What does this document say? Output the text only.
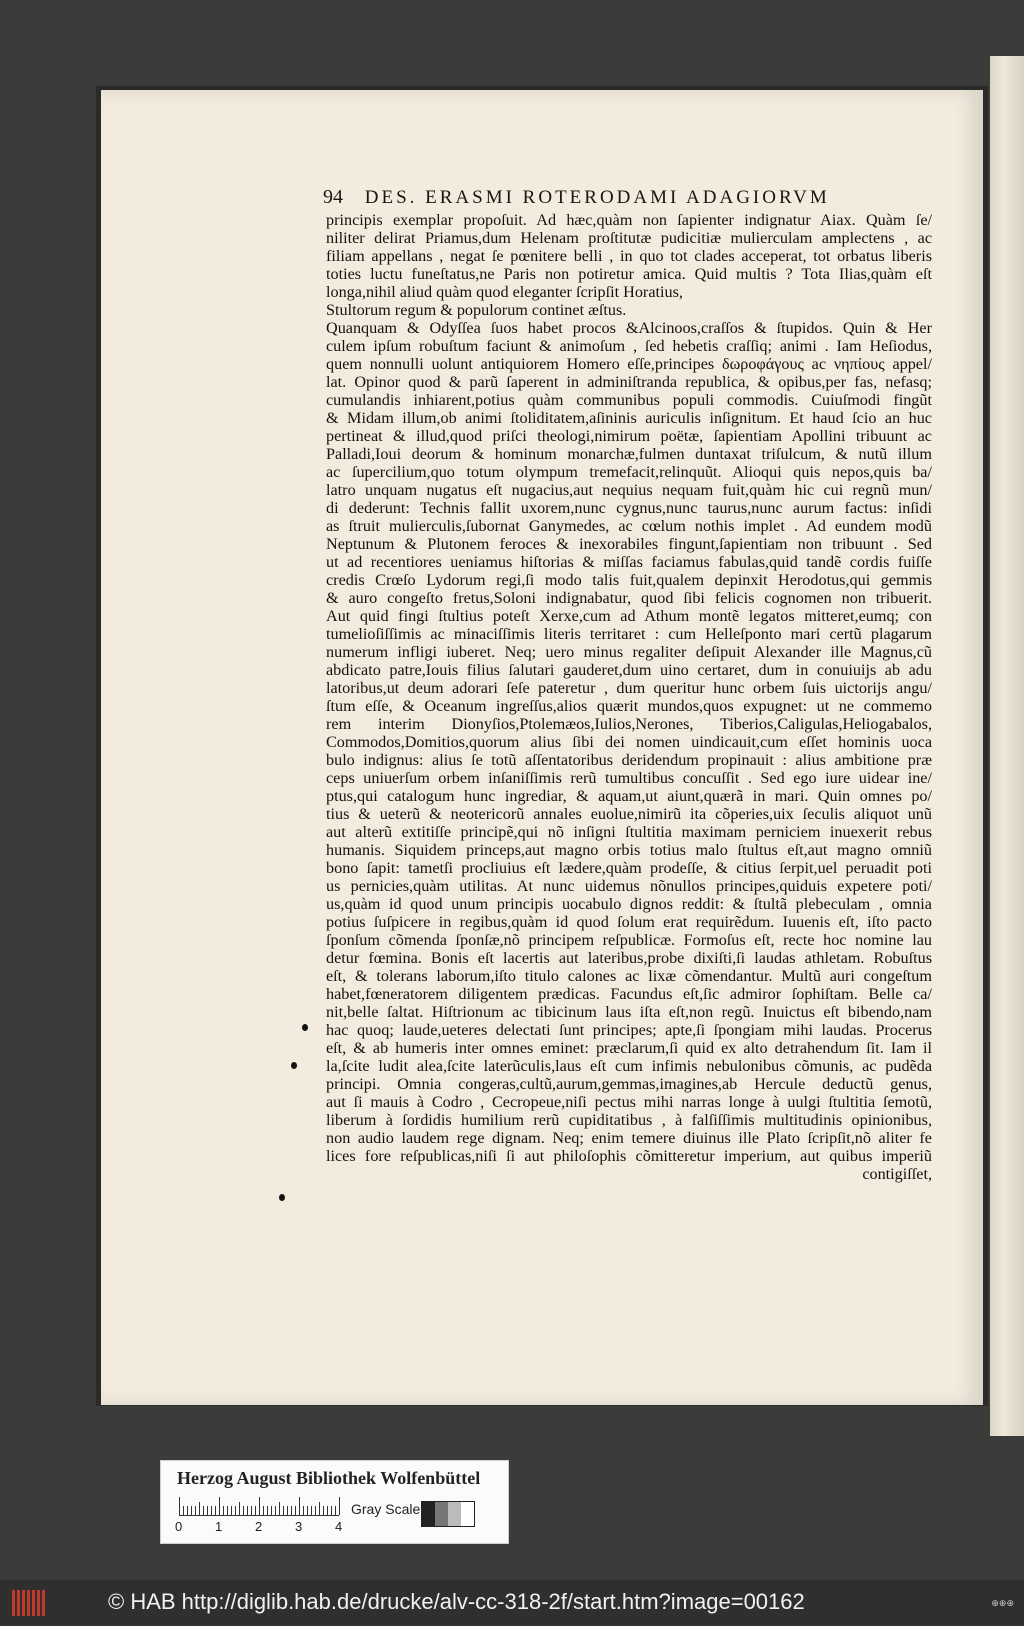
94 DES. ERASMI ROTERODAMI ADAGIORVM
principis exemplar propoſuit. Ad hæc,quàm non ſapienter indignatur Aiax. Quàm ſe/
niliter delirat Priamus,dum Helenam proſtitutæ pudicitiæ mulierculam amplectens , ac
filiam appellans , negat ſe pœnitere belli , in quo tot clades acceperat, tot orbatus liberis
toties luctu funeſtatus,ne Paris non potiretur amica. Quid multis ? Tota Ilias,quàm eſt
longa,nihil aliud quàm quod eleganter ſcripſit Horatius,
Stultorum regum & populorum continet æſtus.
Quanquam & Odyſſea ſuos habet procos &Alcinoos,craſſos & ſtupidos. Quin & Her
culem ipſum robuſtum faciunt & animoſum , ſed hebetis craſſiq; animi . Iam Heſiodus,
quem nonnulli uolunt antiquiorem Homero eſſe,principes δωροφάγους ac νηπίους appel/
lat. Opinor quod & parũ ſaperent in adminiſtranda republica, & opibus,per fas, nefasq;
cumulandis inhiarent,potius quàm communibus populi commodis. Cuiuſmodi fingũt
& Midam illum,ob animi ſtoliditatem,aſininis auriculis inſignitum. Et haud ſcio an huc
pertineat & illud,quod priſci theologi,nimirum poëtæ, ſapientiam Apollini tribuunt ac
Palladi,Ioui deorum & hominum monarchæ,fulmen duntaxat triſulcum, & nutũ illum
ac ſupercilium,quo totum olympum tremefacit,relinquũt. Alioqui quis nepos,quis ba/
latro unquam nugatus eſt nugacius,aut nequius nequam fuit,quàm hic cui regnũ mun/
di dederunt: Technis fallit uxorem,nunc cygnus,nunc taurus,nunc aurum factus: inſidi
as ſtruit mulierculis,ſubornat Ganymedes, ac cœlum nothis implet . Ad eundem modũ
Neptunum & Plutonem feroces & inexorabiles fingunt,ſapientiam non tribuunt . Sed
ut ad recentiores ueniamus hiſtorias & miſſas faciamus fabulas,quid tandẽ cordis fuiſſe
credis Crœſo Lydorum regi,ſi modo talis fuit,qualem depinxit Herodotus,qui gemmis
& auro congeſto fretus,Soloni indignabatur, quod ſibi felicis cognomen non tribuerit.
Aut quid fingi ſtultius poteſt Xerxe,cum ad Athum montẽ legatos mitteret,eumq; con
tumelioſiſſimis ac minaciſſimis literis territaret : cum Helleſponto mari certũ plagarum
numerum infligi iuberet. Neq; uero minus regaliter deſipuit Alexander ille Magnus,cũ
abdicato patre,Iouis filius ſalutari gauderet,dum uino certaret, dum in conuiuijs ab adu
latoribus,ut deum adorari ſeſe pateretur , dum queritur hunc orbem ſuis uictorijs angu/
ſtum eſſe, & Oceanum ingreſſus,alios quærit mundos,quos expugnet: ut ne commemo
rem interim Dionyſios,Ptolemæos,Iulios,Nerones, Tiberios,Caligulas,Heliogabalos,
Commodos,Domitios,quorum alius ſibi dei nomen uindicauit,cum eſſet hominis uoca
bulo indignus: alius ſe totũ aſſentatoribus deridendum propinauit : alius ambitione præ
ceps uniuerſum orbem inſaniſſimis rerũ tumultibus concuſſit . Sed ego iure uidear ine/
ptus,qui catalogum hunc ingrediar, & aquam,ut aiunt,quærã in mari. Quin omnes po/
tius & ueterũ & neotericorũ annales euolue,nimirũ ita cõperies,uix ſeculis aliquot unũ
aut alterũ extitiſſe principẽ,qui nõ inſigni ſtultitia maximam perniciem inuexerit rebus
humanis. Siquidem princeps,aut magno orbis totius malo ſtultus eſt,aut magno omniũ
bono ſapit: tametſi procliuius eſt lædere,quàm prodeſſe, & citius ſerpit,uel peruadit poti
us pernicies,quàm utilitas. At nunc uidemus nõnullos principes,quiduis expetere poti/
us,quàm id quod unum principis uocabulo dignos reddit: & ſtultã plebeculam , omnia
potius ſuſpicere in regibus,quàm id quod ſolum erat requirẽdum. Iuuenis eſt, iſto pacto
ſponſum cõmenda ſponſæ,nõ principem reſpublicæ. Formoſus eſt, recte hoc nomine lau
detur fœmina. Bonis eſt lacertis aut lateribus,probe dixiſti,ſi laudas athletam. Robuſtus
eſt, & tolerans laborum,iſto titulo calones ac lixæ cõmendantur. Multũ auri congeſtum
habet,fœneratorem diligentem prædicas. Facundus eſt,ſic admiror ſophiſtam. Belle ca/
nit,belle ſaltat. Hiſtrionum ac tibicinum laus iſta eſt,non regũ. Inuictus eſt bibendo,nam
hac quoq; laude,ueteres delectati ſunt principes; apte,ſi ſpongiam mihi laudas. Procerus
eſt, & ab humeris inter omnes eminet: præclarum,ſi quid ex alto detrahendum ſit. Iam il
la,ſcite ludit alea,ſcite laterũculis,laus eſt cum infimis nebulonibus cõmunis, ac pudẽda
principi. Omnia congeras,cultũ,aurum,gemmas,imagines,ab Hercule deductũ genus,
aut ſi mauis à Codro , Cecropeue,niſi pectus mihi narras longe à uulgi ſtultitia ſemotũ,
liberum à ſordidis humilium rerũ cupiditatibus , à falſiſſimis multitudinis opinionibus,
non audio laudem rege dignam. Neq; enim temere diuinus ille Plato ſcripſit,nõ aliter fe
lices fore reſpublicas,niſi ſi aut philoſophis cõmitteretur imperium, aut quibus imperiũ
contigiſſet,
Herzog August Bibliothek Wolfenbüttel
0	1	2	3	4
Gray Scale
© HAB http://diglib.hab.de/drucke/alv-cc-318-2f/start.htm?image=00162	⊕⊕⊕
